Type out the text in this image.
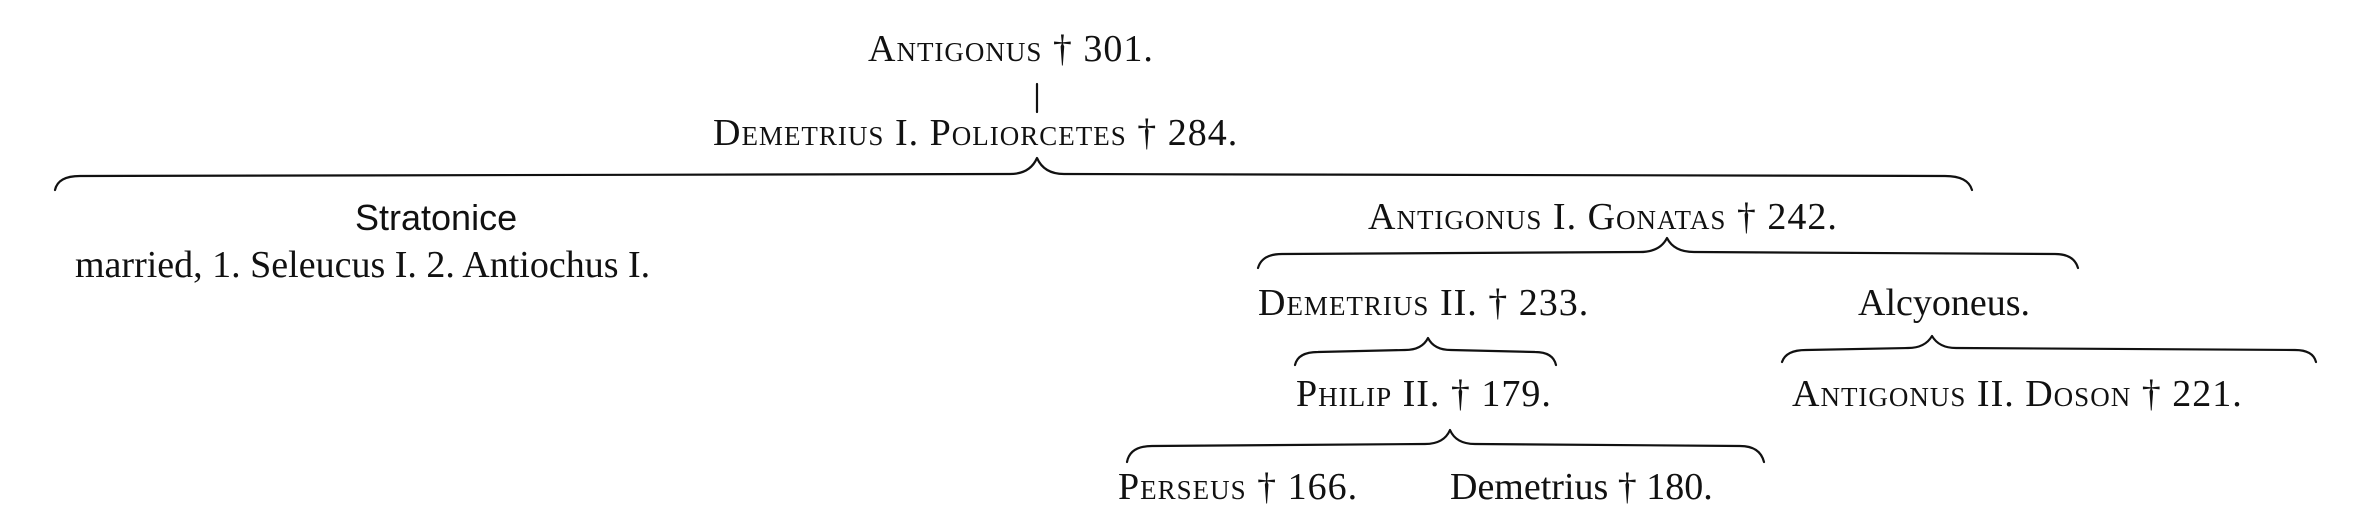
Antigonus † 301.
Demetrius I. Poliorcetes † 284.
Stratonice
married, 1. Seleucus I. 2. Antiochus I.
Antigonus I. Gonatas † 242.
Demetrius II. † 233.	Alcyoneus.
Philip II. † 179.	Antigonus II. Doson † 221.
Perseus † 166. Demetrius † 180.
